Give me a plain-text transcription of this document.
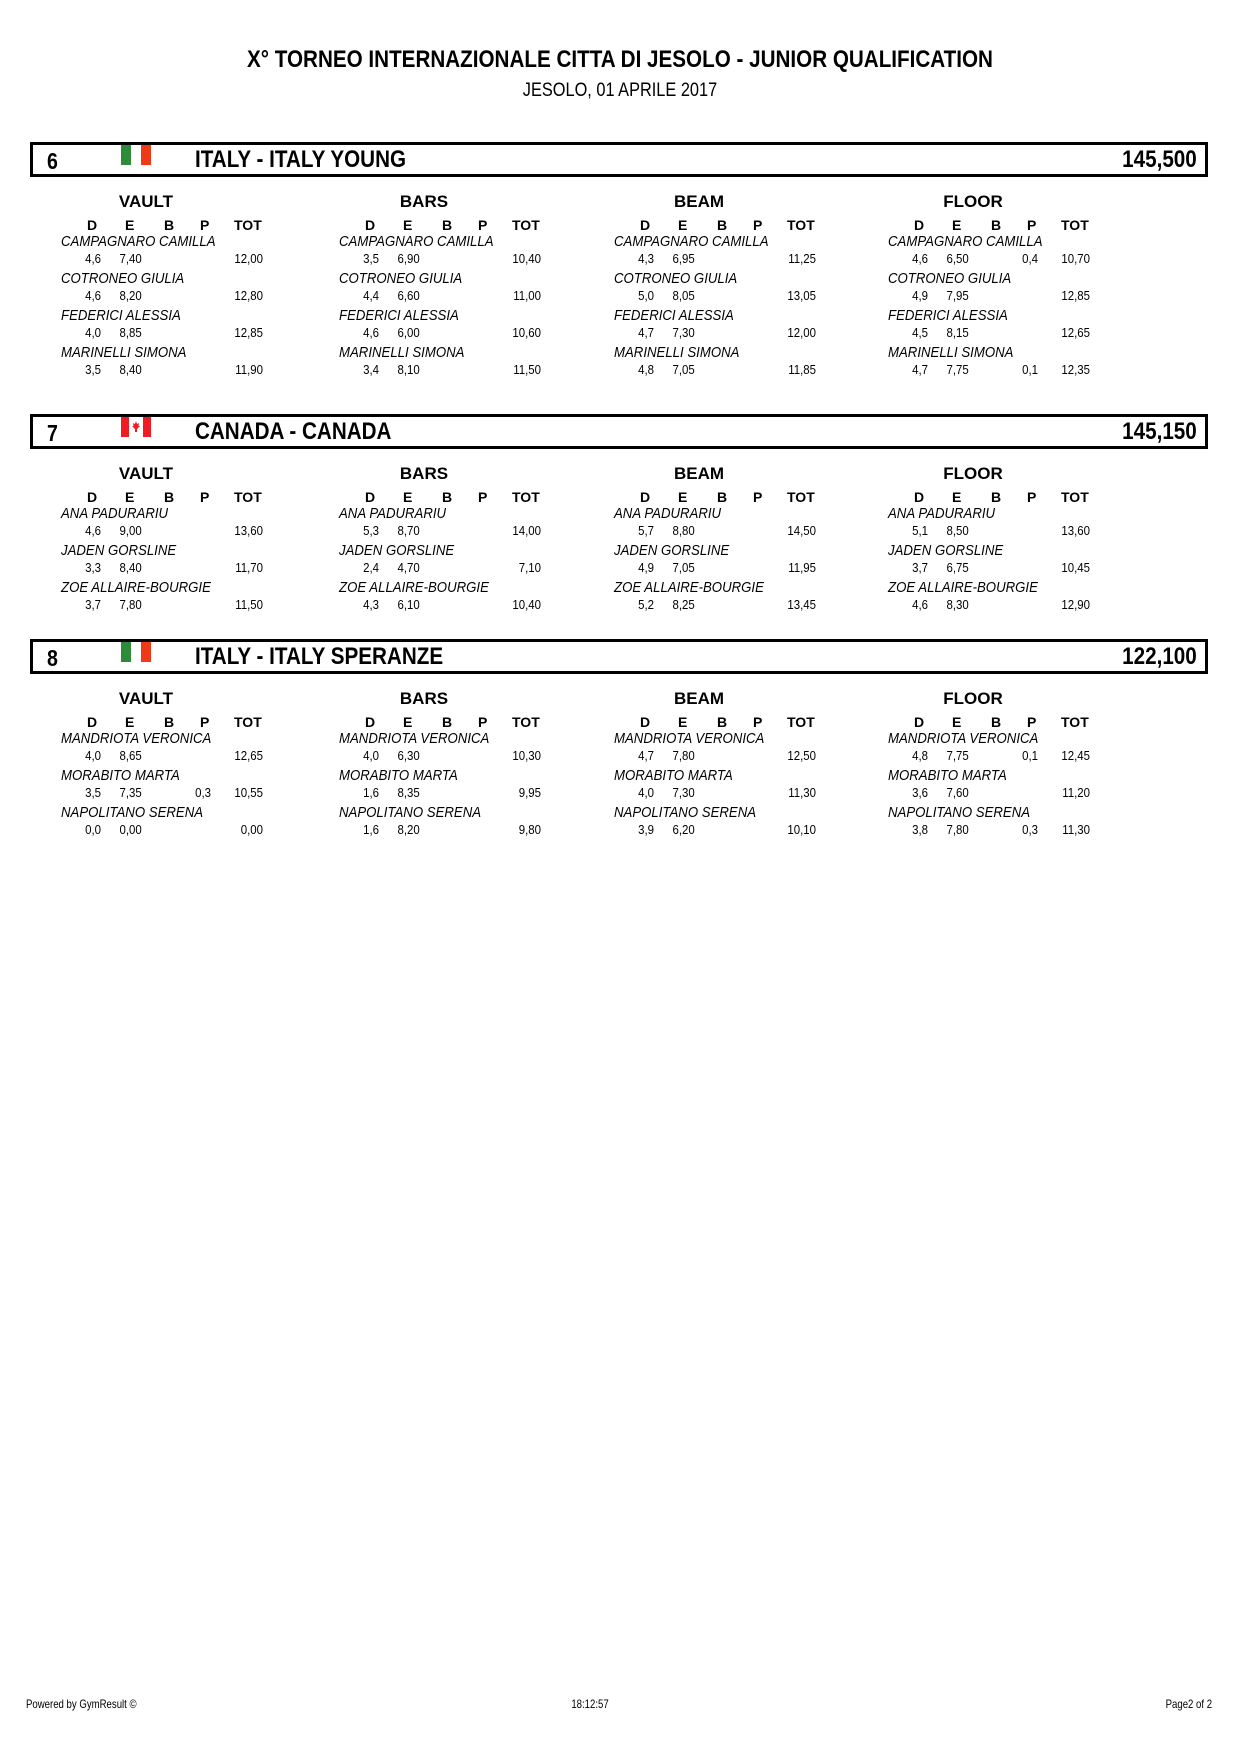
X° TORNEO INTERNAZIONALE CITTA DI JESOLO - JUNIOR QUALIFICATION
JESOLO, 01 APRILE 2017
6	ITALY - ITALY YOUNG	145,500
VAULT
D E B P TOT
CAMPAGNARO CAMILLA
4,6 7,40	12,00
COTRONEO GIULIA
4,6 8,20	12,80
FEDERICI ALESSIA
4,0 8,85	12,85
MARINELLI SIMONA
3,5 8,40	11,90
BARS
D E B P TOT
CAMPAGNARO CAMILLA
3,5 6,90	10,40
COTRONEO GIULIA
4,4 6,60	11,00
FEDERICI ALESSIA
4,6 6,00	10,60
MARINELLI SIMONA
3,4 8,10	11,50
BEAM
D E B P TOT
CAMPAGNARO CAMILLA
4,3 6,95	11,25
COTRONEO GIULIA
5,0 8,05	13,05
FEDERICI ALESSIA
4,7 7,30	12,00
MARINELLI SIMONA
4,8 7,05	11,85
FLOOR
D E B P TOT
CAMPAGNARO CAMILLA
4,6 6,50	0,4	10,70
COTRONEO GIULIA
4,9 7,95	12,85
FEDERICI ALESSIA
4,5 8,15	12,65
MARINELLI SIMONA
4,7 7,75	0,1	12,35
7	CANADA - CANADA	145,150
VAULT
D E B P TOT
ANA PADURARIU
4,6 9,00	13,60
JADEN GORSLINE
3,3 8,40	11,70
ZOE ALLAIRE-BOURGIE
3,7 7,80	11,50
BARS
D E B P TOT
ANA PADURARIU
5,3 8,70	14,00
JADEN GORSLINE
2,4 4,70	7,10
ZOE ALLAIRE-BOURGIE
4,3 6,10	10,40
BEAM
D E B P TOT
ANA PADURARIU
5,7 8,80	14,50
JADEN GORSLINE
4,9 7,05	11,95
ZOE ALLAIRE-BOURGIE
5,2 8,25	13,45
FLOOR
D E B P TOT
ANA PADURARIU
5,1 8,50	13,60
JADEN GORSLINE
3,7 6,75	10,45
ZOE ALLAIRE-BOURGIE
4,6 8,30	12,90
8	ITALY - ITALY SPERANZE	122,100
VAULT
D E B P TOT
MANDRIOTA VERONICA
4,0 8,65	12,65
MORABITO MARTA
3,5 7,35	0,3	10,55
NAPOLITANO SERENA
0,0 0,00	0,00
BARS
D E B P TOT
MANDRIOTA VERONICA
4,0 6,30	10,30
MORABITO MARTA
1,6 8,35	9,95
NAPOLITANO SERENA
1,6 8,20	9,80
BEAM
D E B P TOT
MANDRIOTA VERONICA
4,7 7,80	12,50
MORABITO MARTA
4,0 7,30	11,30
NAPOLITANO SERENA
3,9 6,20	10,10
FLOOR
D E B P TOT
MANDRIOTA VERONICA
4,8 7,75	0,1	12,45
MORABITO MARTA
3,6 7,60	11,20
NAPOLITANO SERENA
3,8 7,80	0,3	11,30
Powered by GymResult ©	18:12:57	Page2 of 2
